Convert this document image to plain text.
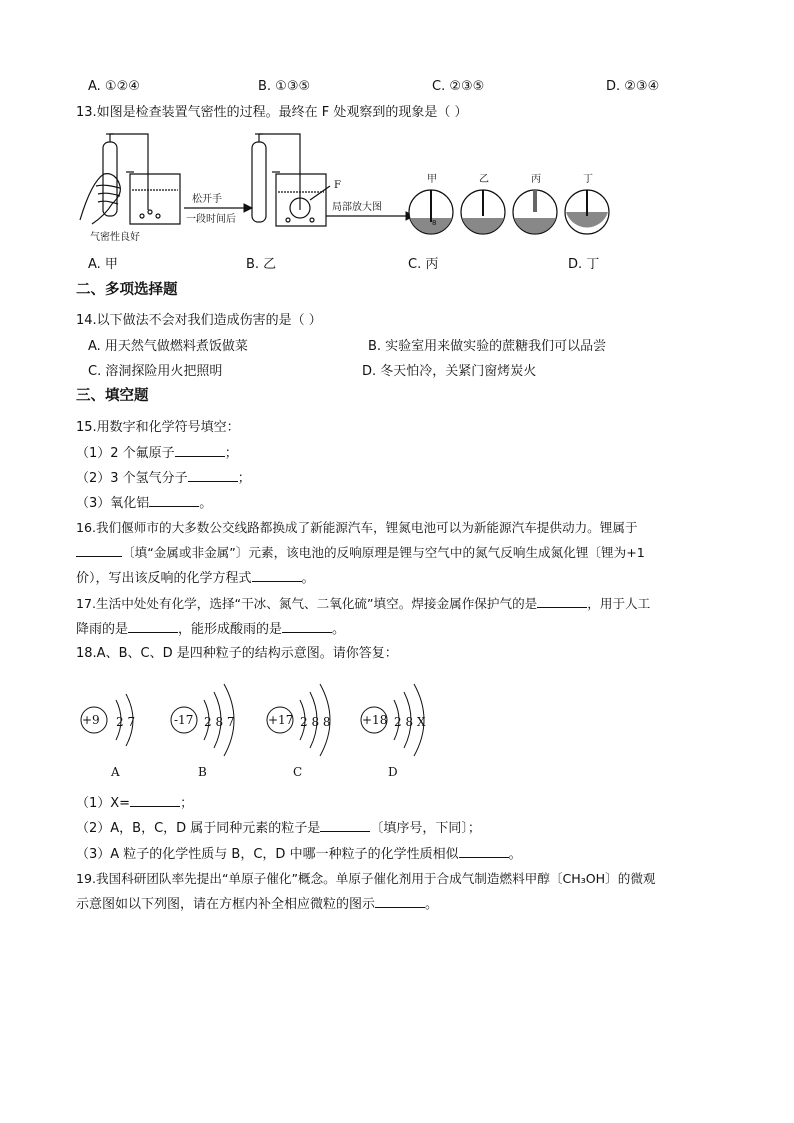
A. ①②④	B. ①③⑤	C. ②③⑤	D. ②③④
13.如图是检查装置气密性的过程。最终在 F 处观察到的现象是（ ）
气密性良好
松开手
一段时间后
F
局部放大图
8
甲	乙	丙	丁
A. 甲	B. 乙	C. 丙	D. 丁
二、多项选择题
14.以下做法不会对我们造成伤害的是（ ）
A. 用天然气做燃料煮饭做菜	B. 实验室用来做实验的蔗糖我们可以品尝
C. 溶洞探险用火把照明	D. 冬天怕冷，关紧门窗烤炭火
三、填空题
15.用数字和化学符号填空：
（1）2 个氟原子	；
（2）3 个氢气分子	；
（3）氧化铝	。
16.我们偃师市的大多数公交线路都换成了新能源汽车，锂氮电池可以为新能源汽车提供动力。锂属于
〔填“金属或非金属”〕元素，该电池的反响原理是锂与空气中的氮气反响生成氮化锂〔锂为+1
价），写出该反响的化学方程式	。
17.生活中处处有化学，选择“干冰、氮气、二氧化硫”填空。焊接金属作保护气的是	，用于人工
降雨的是	，能形成酸雨的是	。
18.A、B、C、D 是四种粒子的结构示意图。请你答复：
+9 2 7
A
-17 2 8 7
B
+17 2 8 8
C
+18 2 8 X
D
（1）X=	；
（2）A，B，C，D 属于同种元素的粒子是	〔填序号，下同〕；
（3）A 粒子的化学性质与 B，C，D 中哪一种粒子的化学性质相似	。
19.我国科研团队率先提出“单原子催化”概念。单原子催化剂用于合成气制造燃料甲醇〔CH₃OH〕的微观
示意图如以下列图，请在方框内补全相应微粒的图示	。
